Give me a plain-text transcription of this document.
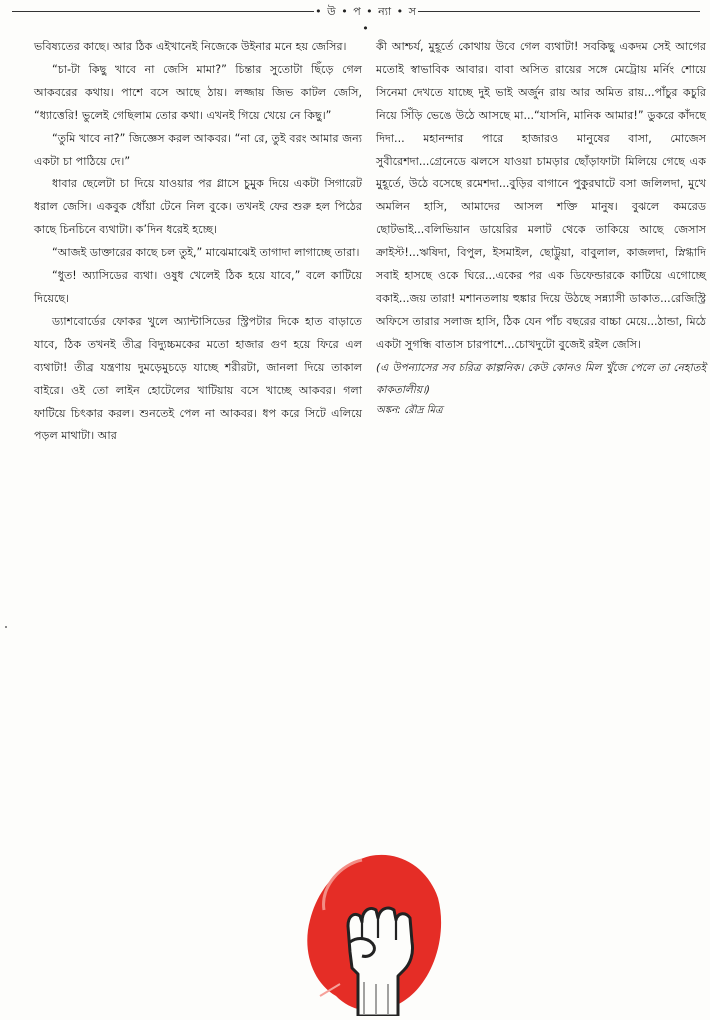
• উ • প • ন্যা • স •

ভবিষ্যতের কাছে। আর ঠিক এইখানেই নিজেকে উইনার মনে হয় জেসির।

“চা-টা কিছু খাবে না জেসি মামা?” চিন্তার সুতোটা ছিঁড়ে গেল আকবরের কথায়। পাশে বসে আছে ঠায়। লজ্জায় জিভ কাটল জেসি, “ধ্যাত্তেরি! ভুলেই গেছিলাম তোর কথা। এখনই গিয়ে খেয়ে নে কিছু।”

“তুমি খাবে না?” জিজ্ঞেস করল আকবর। “না রে, তুই বরং আমার জন্য একটা চা পাঠিয়ে দে।”

ধাবার ছেলেটা চা দিয়ে যাওয়ার পর গ্লাসে চুমুক দিয়ে একটা সিগারেট ধরাল জেসি। একবুক ধোঁয়া টেনে নিল বুকে। তখনই ফের শুরু হল পিঠের কাছে চিনচিনে ব্যথাটা। ক’দিন ধরেই হচ্ছে।

“আজই ডাক্তারের কাছে চল তুই,” মাঝেমাঝেই তাগাদা লাগাচ্ছে তারা।

“ধুত! অ্যাসিডের ব্যথা। ওষুধ খেলেই ঠিক হয়ে যাবে,” বলে কাটিয়ে দিয়েছে।

ড্যাশবোর্ডের ফোকর খুলে অ্যান্টাসিডের স্ট্রিপটার দিকে হাত বাড়াতে যাবে, ঠিক তখনই তীব্র বিদ্যুচ্চমকের মতো হাজার গুণ হয়ে ফিরে এল ব্যথাটা! তীব্র যন্ত্রণায় দুমড়েমুচড়ে যাচ্ছে শরীরটা, জানলা দিয়ে তাকাল বাইরে। ওই তো লাইন হোটেলের খাটিয়ায় বসে খাচ্ছে আকবর। গলা ফাটিয়ে চিৎকার করল। শুনতেই পেল না আকবর। ধপ করে সিটে এলিয়ে পড়ল মাথাটা। আর

কী আশ্চর্য, মুহূর্তে কোথায় উবে গেল ব্যথাটা! সবকিছু একদম সেই আগের মতোই স্বাভাবিক আবার। বাবা অসিত রায়ের সঙ্গে মেট্রোয় মর্নিং শোয়ে সিনেমা দেখতে যাচ্ছে দুই ভাই অর্জুন রায় আর অমিত রায়...পাঁচুর কচুরি নিয়ে সিঁড়ি ভেঙে উঠে আসছে মা...“যাসনি, মানিক আমার!” ডুকরে কাঁদছে দিদা... মহানন্দার পারে হাজারও মানুষের বাসা, মোজেস সুবীরেশদা...গ্রেনেডে ঝলসে যাওয়া চামড়ার ছোঁড়াফাটা মিলিয়ে গেছে এক মুহূর্তে, উঠে বসেছে রমেশদা...বুড়ির বাগানে পুকুরঘাটে বসা জলিলদা, মুখে অমলিন হাসি, আমাদের আসল শক্তি মানুষ। বুঝলে কমরেড ছোটভাই...বলিভিয়ান ডায়েরির মলাট থেকে তাকিয়ে আছে জেসাস ক্রাইস্ট!...ঋষিদা, বিপুল, ইসমাইল, ছোট্টুয়া, বাবুলাল, কাজলদা, স্নিগ্ধাদি সবাই হাসছে ওকে ঘিরে...একের পর এক ডিফেন্ডারকে কাটিয়ে এগোচ্ছে বকাই...জয় তারা! মশানতলায় হুঙ্কার দিয়ে উঠছে সন্ন্যাসী ডাকাত...রেজিস্ট্রি অফিসে তারার সলাজ হাসি, ঠিক যেন পাঁচ বছরের বাচ্চা মেয়ে...ঠান্ডা, মিঠে একটা সুগন্ধি বাতাস চারপাশে...চোখদুটো বুজেই রইল জেসি।

(এ উপন্যাসের সব চরিত্র কাল্পনিক। কেউ কোনও মিল খুঁজে পেলে তা নেহাতই কাকতালীয়।)

অঙ্কন: রৌদ্র মিত্র
